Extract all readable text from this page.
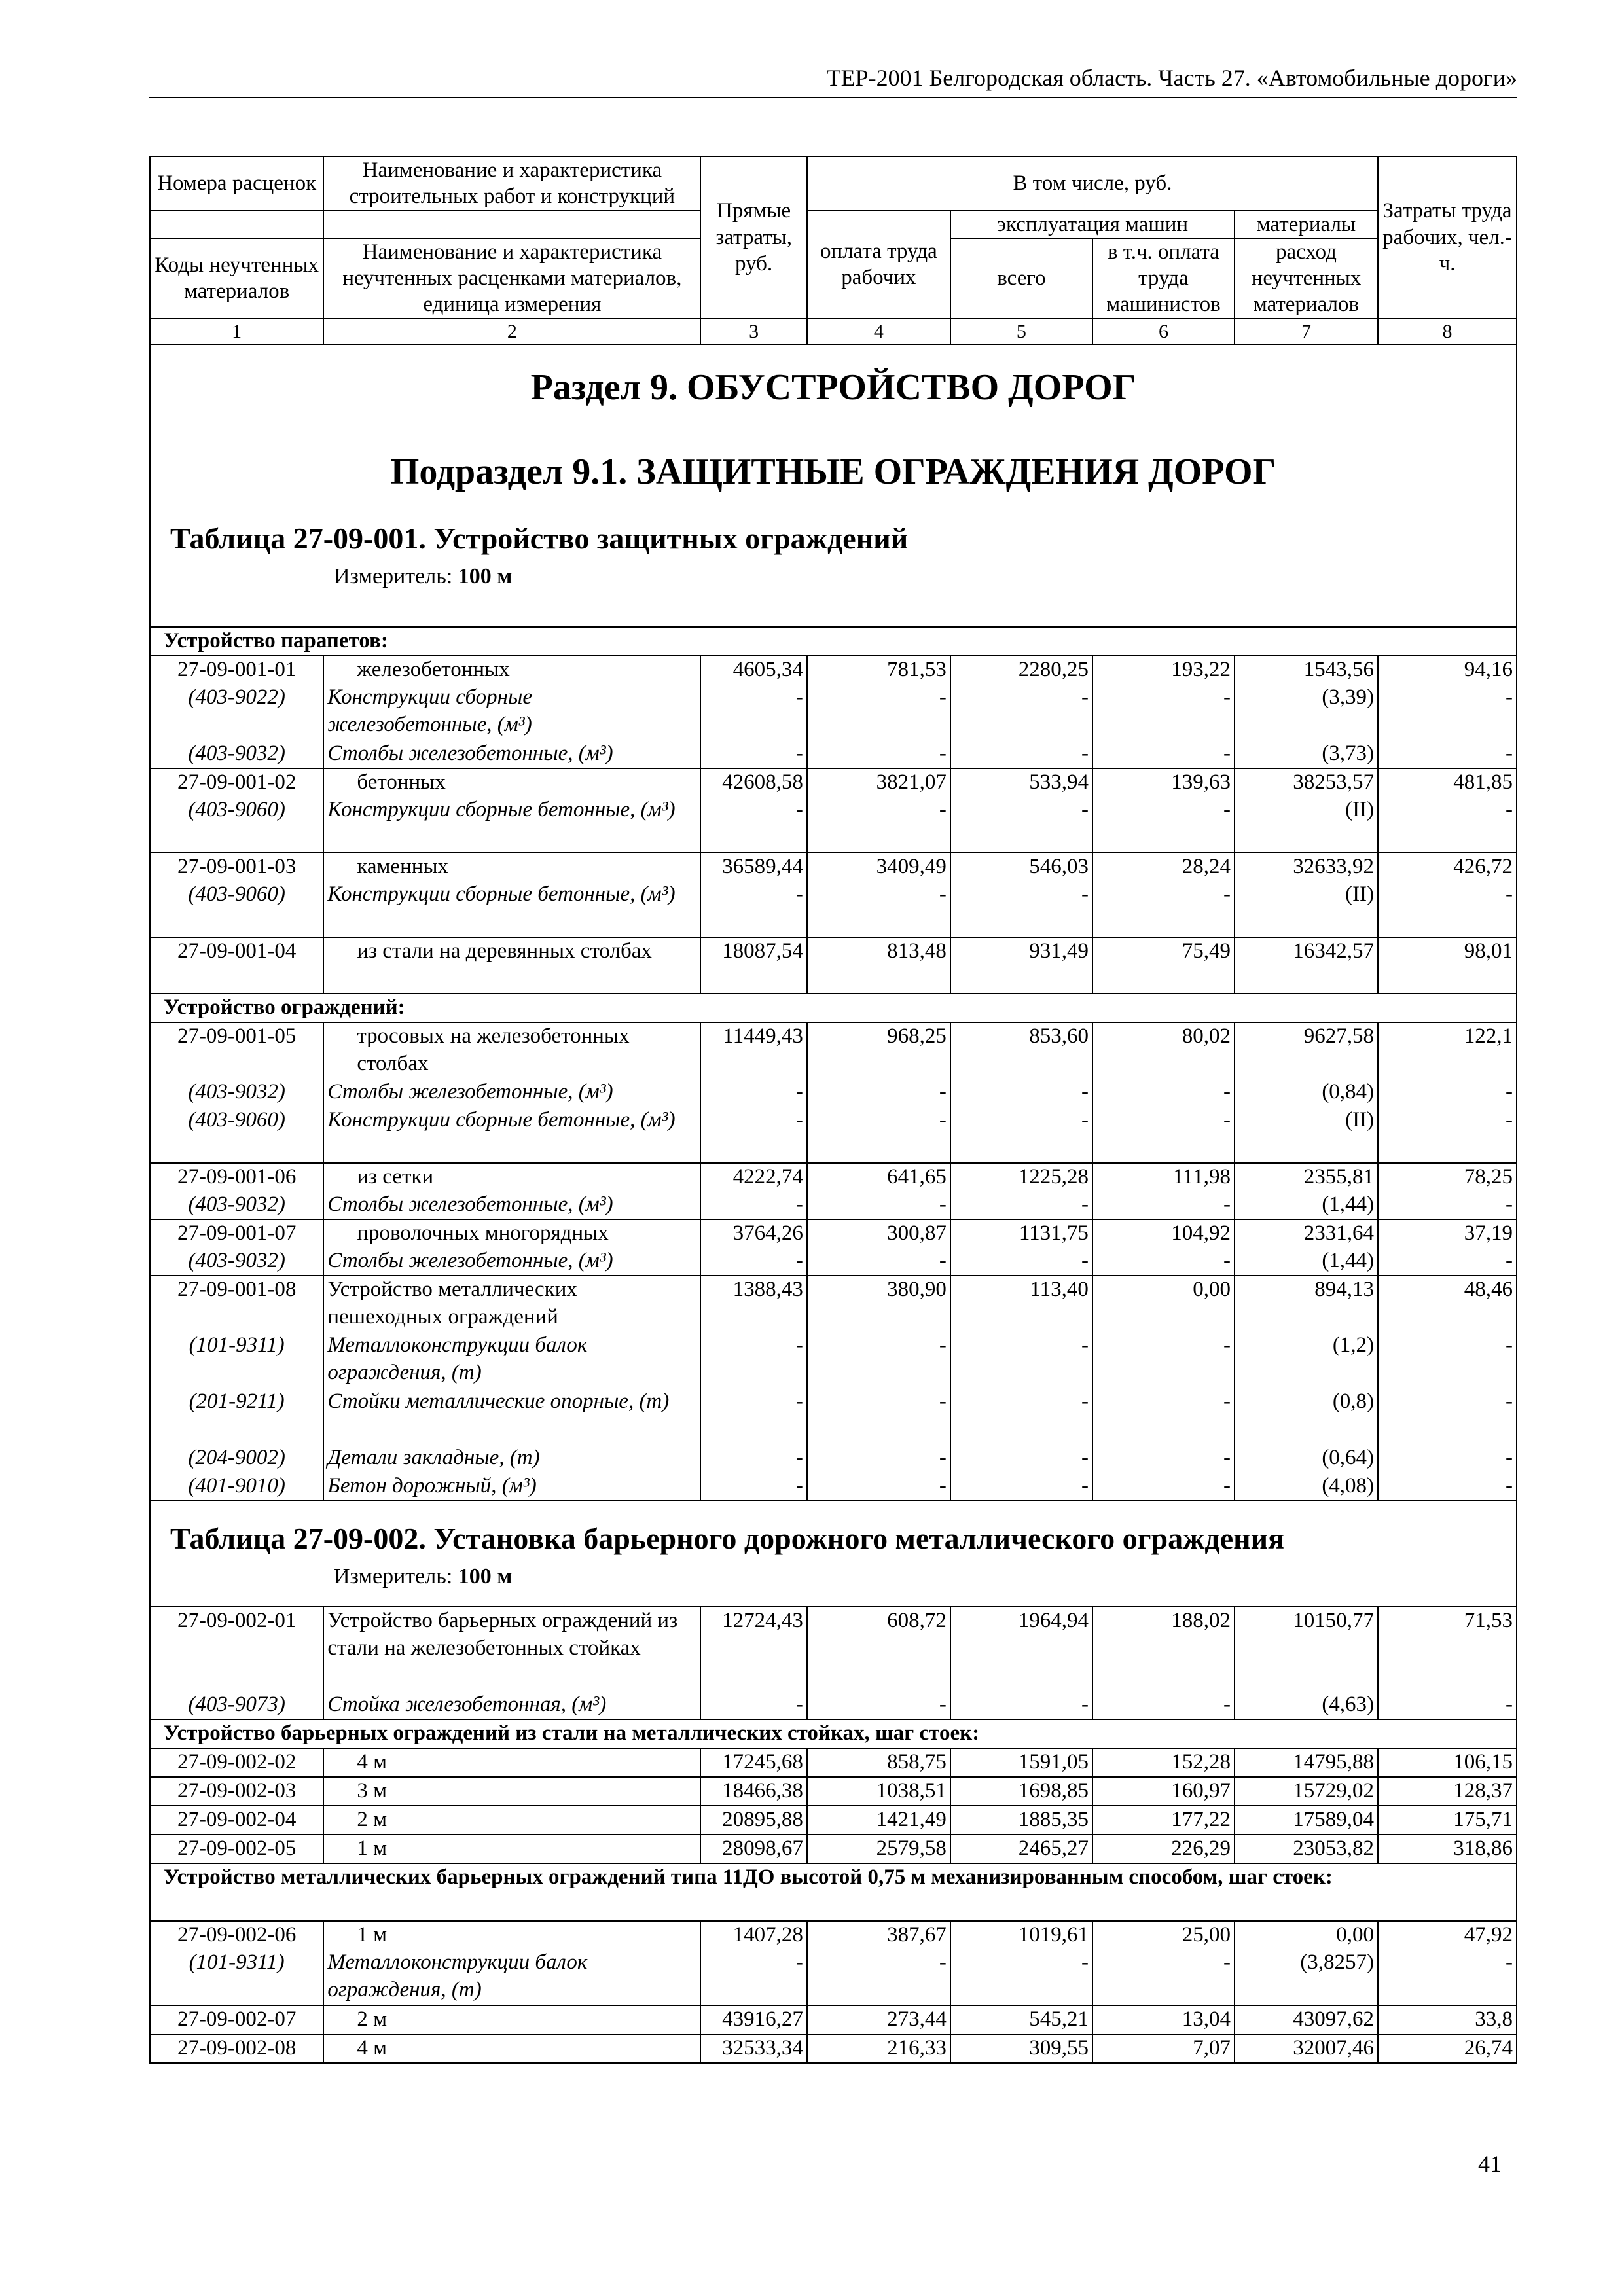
ТЕР-2001 Белгородская область. Часть 27. «Автомобильные дороги»
Номера расценок	Наименование и характеристика строительных работ и конструкций	Прямые затраты, руб.	В том числе, руб.				Затраты труда рабочих, чел.-ч.
			оплата труда рабочих	эксплуатация машин		материалы	
Коды неучтенных материалов	Наименование и характеристика неучтенных расценками материалов, единица измерения			всего	в т.ч. оплата труда машинистов	расход неучтенных материалов	

1	2	3	4	5	6	7	8

Раздел 9. ОБУСТРОЙСТВО ДОРОГ
Подраздел 9.1. ЗАЩИТНЫЕ ОГРАЖДЕНИЯ ДОРОГ
Таблица 27-09-001. Устройство защитных ограждений
Измеритель: 100 м							

Устройство парапетов:							
27-09-001-01	железобетонных	4605,34	781,53	2280,25	193,22	1543,56	94,16
(403-9022)	Конструкции сборные железобетонные, (м³)	-	-	-	-	(3,39)	-
(403-9032)	Столбы железобетонные, (м³)	-	-	-	-	(3,73)	-
27-09-001-02	бетонных	42608,58	3821,07	533,94	139,63	38253,57	481,85
(403-9060)	Конструкции сборные бетонные, (м³)	-	-	-	-	(II)	-
27-09-001-03	каменных	36589,44	3409,49	546,03	28,24	32633,92	426,72
(403-9060)	Конструкции сборные бетонные, (м³)	-	-	-	-	(II)	-
27-09-001-04	из стали на деревянных столбах	18087,54	813,48	931,49	75,49	16342,57	98,01
Устройство ограждений:							
27-09-001-05	тросовых на железобетонных столбах	11449,43	968,25	853,60	80,02	9627,58	122,1
(403-9032)	Столбы железобетонные, (м³)	-	-	-	-	(0,84)	-
(403-9060)	Конструкции сборные бетонные, (м³)	-	-	-	-	(II)	-
27-09-001-06	из сетки	4222,74	641,65	1225,28	111,98	2355,81	78,25
(403-9032)	Столбы железобетонные, (м³)	-	-	-	-	(1,44)	-
27-09-001-07	проволочных многорядных	3764,26	300,87	1131,75	104,92	2331,64	37,19
(403-9032)	Столбы железобетонные, (м³)	-	-	-	-	(1,44)	-
27-09-001-08	Устройство металлических пешеходных ограждений	1388,43	380,90	113,40	0,00	894,13	48,46
(101-9311)	Металлоконструкции балок ограждения, (т)	-	-	-	-	(1,2)	-
(201-9211)	Стойки металлические опорные, (т)	-	-	-	-	(0,8)	-
(204-9002)	Детали закладные, (т)	-	-	-	-	(0,64)	-
(401-9010)	Бетон дорожный, (м³)	-	-	-	-	(4,08)	-

Таблица 27-09-002. Установка барьерного дорожного металлического ограждения
Измеритель: 100 м							

27-09-002-01	Устройство барьерных ограждений из стали на железобетонных стойках	12724,43	608,72	1964,94	188,02	10150,77	71,53
(403-9073)	Стойка железобетонная, (м³)	-	-	-	-	(4,63)	-
Устройство барьерных ограждений из стали на металлических стойках, шаг стоек:							
27-09-002-02	4 м	17245,68	858,75	1591,05	152,28	14795,88	106,15
27-09-002-03	3 м	18466,38	1038,51	1698,85	160,97	15729,02	128,37
27-09-002-04	2 м	20895,88	1421,49	1885,35	177,22	17589,04	175,71
27-09-002-05	1 м	28098,67	2579,58	2465,27	226,29	23053,82	318,86
Устройство металлических барьерных ограждений типа 11ДО высотой 0,75 м механизированным способом, шаг стоек:							
27-09-002-06	1 м	1407,28	387,67	1019,61	25,00	0,00	47,92
(101-9311)	Металлоконструкции балок ограждения, (т)	-	-	-	-	(3,8257)	-
27-09-002-07	2 м	43916,27	273,44	545,21	13,04	43097,62	33,8
27-09-002-08	4 м	32533,34	216,33	309,55	7,07	32007,46	26,74
41
